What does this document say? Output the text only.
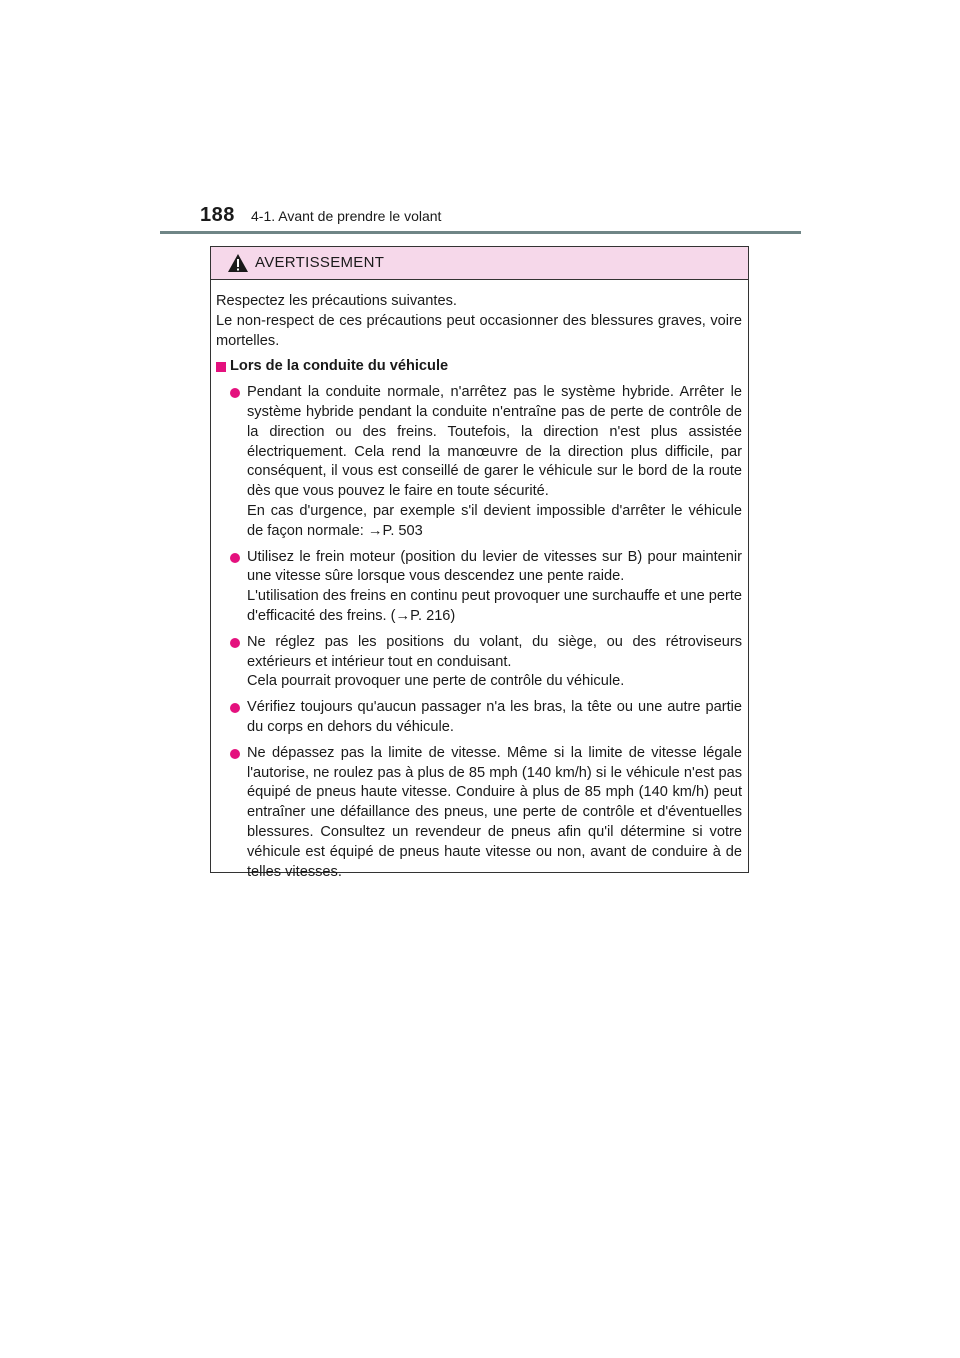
188 4-1. Avant de prendre le volant
AVERTISSEMENT

Respectez les précautions suivantes.

Le non-respect de ces précautions peut occasionner des blessures graves, voire mortelles.

Lors de la conduite du véhicule

Pendant la conduite normale, n'arrêtez pas le système hybride. Arrêter le système hybride pendant la conduite n'entraîne pas de perte de contrôle de la direction ou des freins. Toutefois, la direction n'est plus assistée électriquement. Cela rend la manœuvre de la direction plus difficile, par conséquent, il vous est conseillé de garer le véhicule sur le bord de la route dès que vous pouvez le faire en toute sécurité.

En cas d'urgence, par exemple s'il devient impossible d'arrêter le véhicule de façon normale: →P. 503

Utilisez le frein moteur (position du levier de vitesses sur B) pour maintenir une vitesse sûre lorsque vous descendez une pente raide.

L'utilisation des freins en continu peut provoquer une surchauffe et une perte d'efficacité des freins. (→P. 216)

Ne réglez pas les positions du volant, du siège, ou des rétroviseurs extérieurs et intérieur tout en conduisant.

Cela pourrait provoquer une perte de contrôle du véhicule.

Vérifiez toujours qu'aucun passager n'a les bras, la tête ou une autre partie du corps en dehors du véhicule.

Ne dépassez pas la limite de vitesse. Même si la limite de vitesse légale l'autorise, ne roulez pas à plus de 85 mph (140 km/h) si le véhicule n'est pas équipé de pneus haute vitesse. Conduire à plus de 85 mph (140 km/h) peut entraîner une défaillance des pneus, une perte de contrôle et d'éventuelles blessures. Consultez un revendeur de pneus afin qu'il détermine si votre véhicule est équipé de pneus haute vitesse ou non, avant de conduire à de telles vitesses.
